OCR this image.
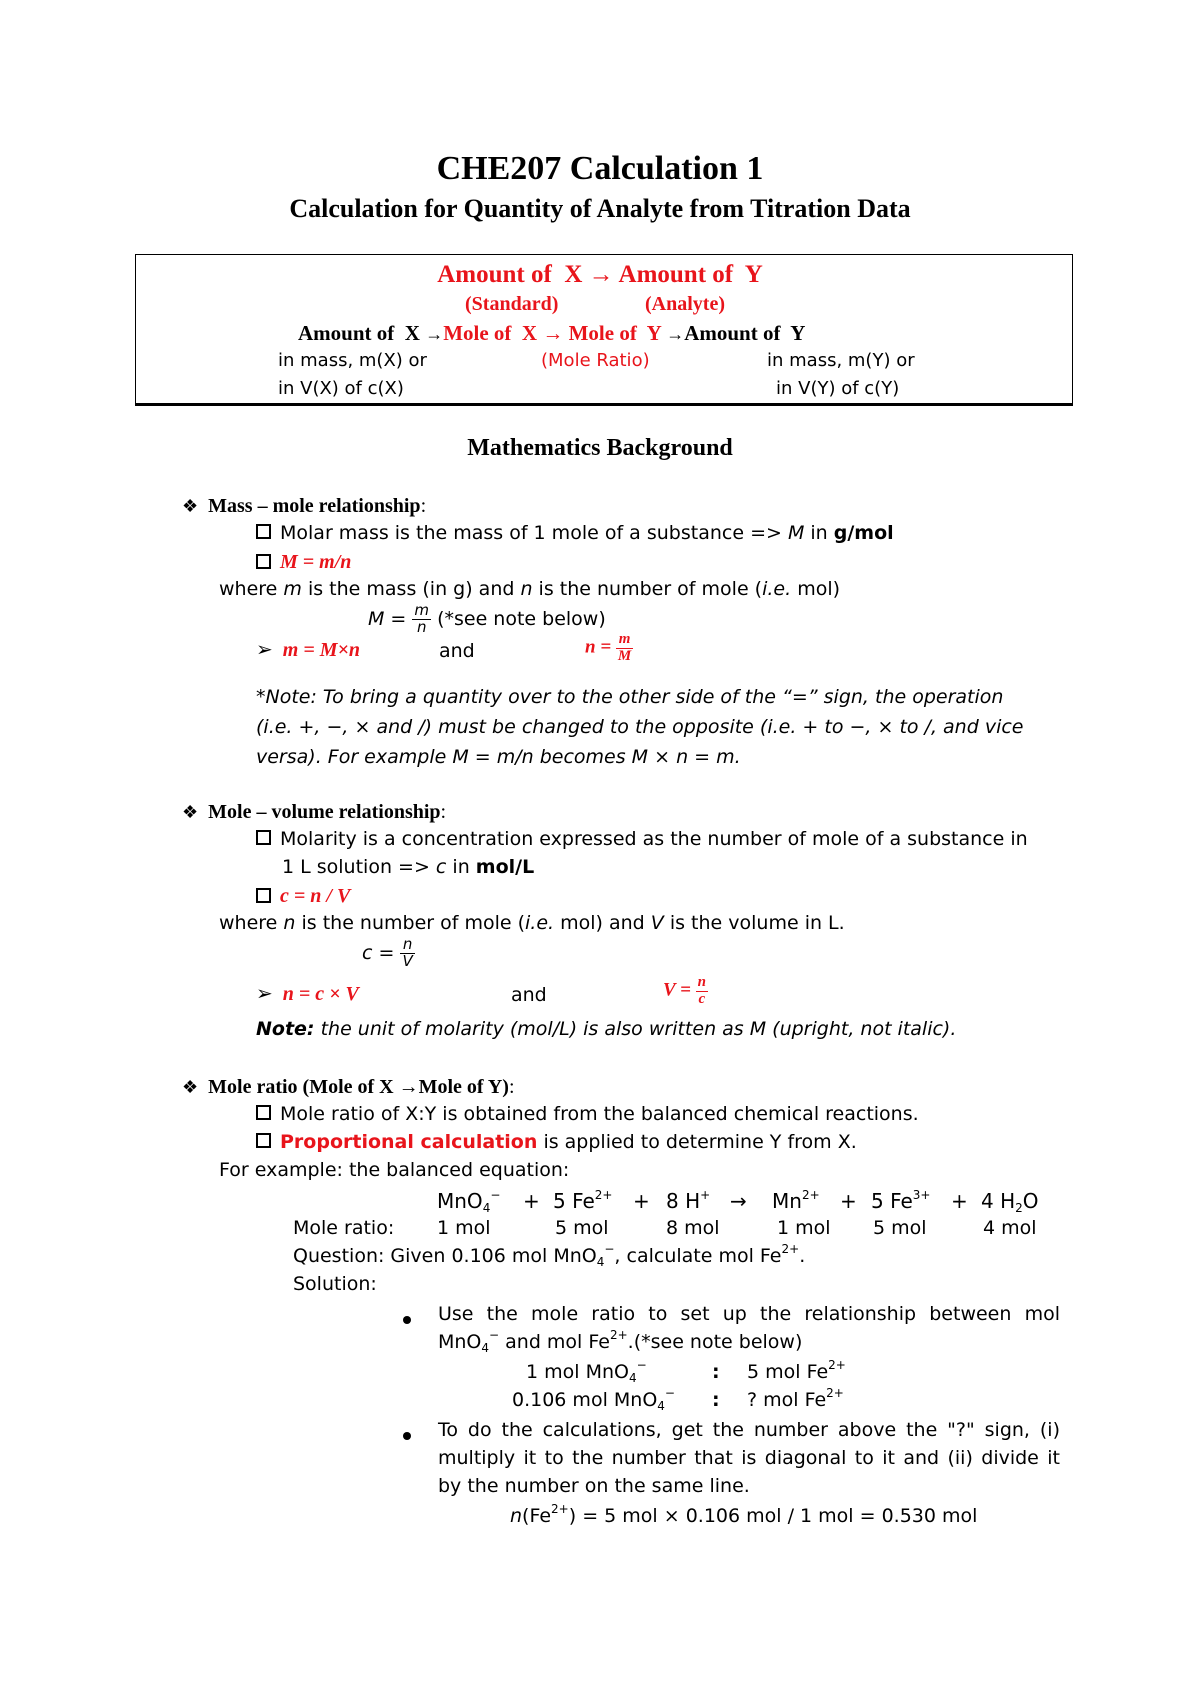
CHE207 Calculation 1
Calculation for Quantity of Analyte from Titration Data
Amount of X → Amount of Y
(Standard)	(Analyte)
Amount of X →Mole of X → Mole of Y →Amount of Y
in mass, m(X) or
in V(X) of c(X)
(Mole Ratio)	in mass, m(Y) or
in V(Y) of c(Y)
Mathematics Background
❖ Mass – mole relationship:
Molar mass is the mass of 1 mole of a substance => M in g/mol
M = m/n
where m is the mass (in g) and n is the number of mole (i.e. mol)
$M = \frac{m}{n} (*see$ note below)
➢ m = M×n	and	$n = \frac{m}{M}$
*Note: To bring a quantity over to the other side of the “=” sign, the operation
(i.e. +, −, × and /) must be changed to the opposite (i.e. + to −, × to /, and vice
versa). For example M = m/n becomes M × n = m.
❖ Mole – volume relationship:
Molarity is a concentration expressed as the number of mole of a substance in
1 L solution => c in mol/L
c = n / V
where n is the number of mole (i.e. mol) and V is the volume in L.
$c = \frac{n}{V}$
➢ n = c × V	and	$V = \frac{n}{c}$
Note: the unit of molarity (mol/L) is also written as M (upright, not italic).
❖ Mole ratio (Mole of X →Mole of Y):
Mole ratio of X:Y is obtained from the balanced chemical reactions.
Proportional calculation is applied to determine Y from X.
For example: the balanced equation:
MnO$_4$− + 5 $Fe^{2+} + 8$ $H^+ \to Mn^{2+} + 5$ $Fe^{3+} + 4$ $H_2O$
Mole ratio: 1 mol	5 mol	8 mol	1 mol 5 mol	4 mol
Question: Given 0.106 mol MnO$_4$−, calculate mol $Fe^{2+}$.
Solution:
Use the mole ratio to set up the relationship between mol
MnO$_4$− and mol $Fe^{2+}.(*see$ note below)
1 mol MnO$_4$−	: 5 mol $Fe^{2+}$
0.106 mol MnO$_4$− : ? mol $Fe^{2+}$
To do the calculations, get the number above the "?" sign, (i)
multiply it to the number that is diagonal to it and (ii) divide it
by the number on the same line.
$n(Fe^{2+}) = 5$ mol × 0.106 mol / 1 mol = 0.530 mol
